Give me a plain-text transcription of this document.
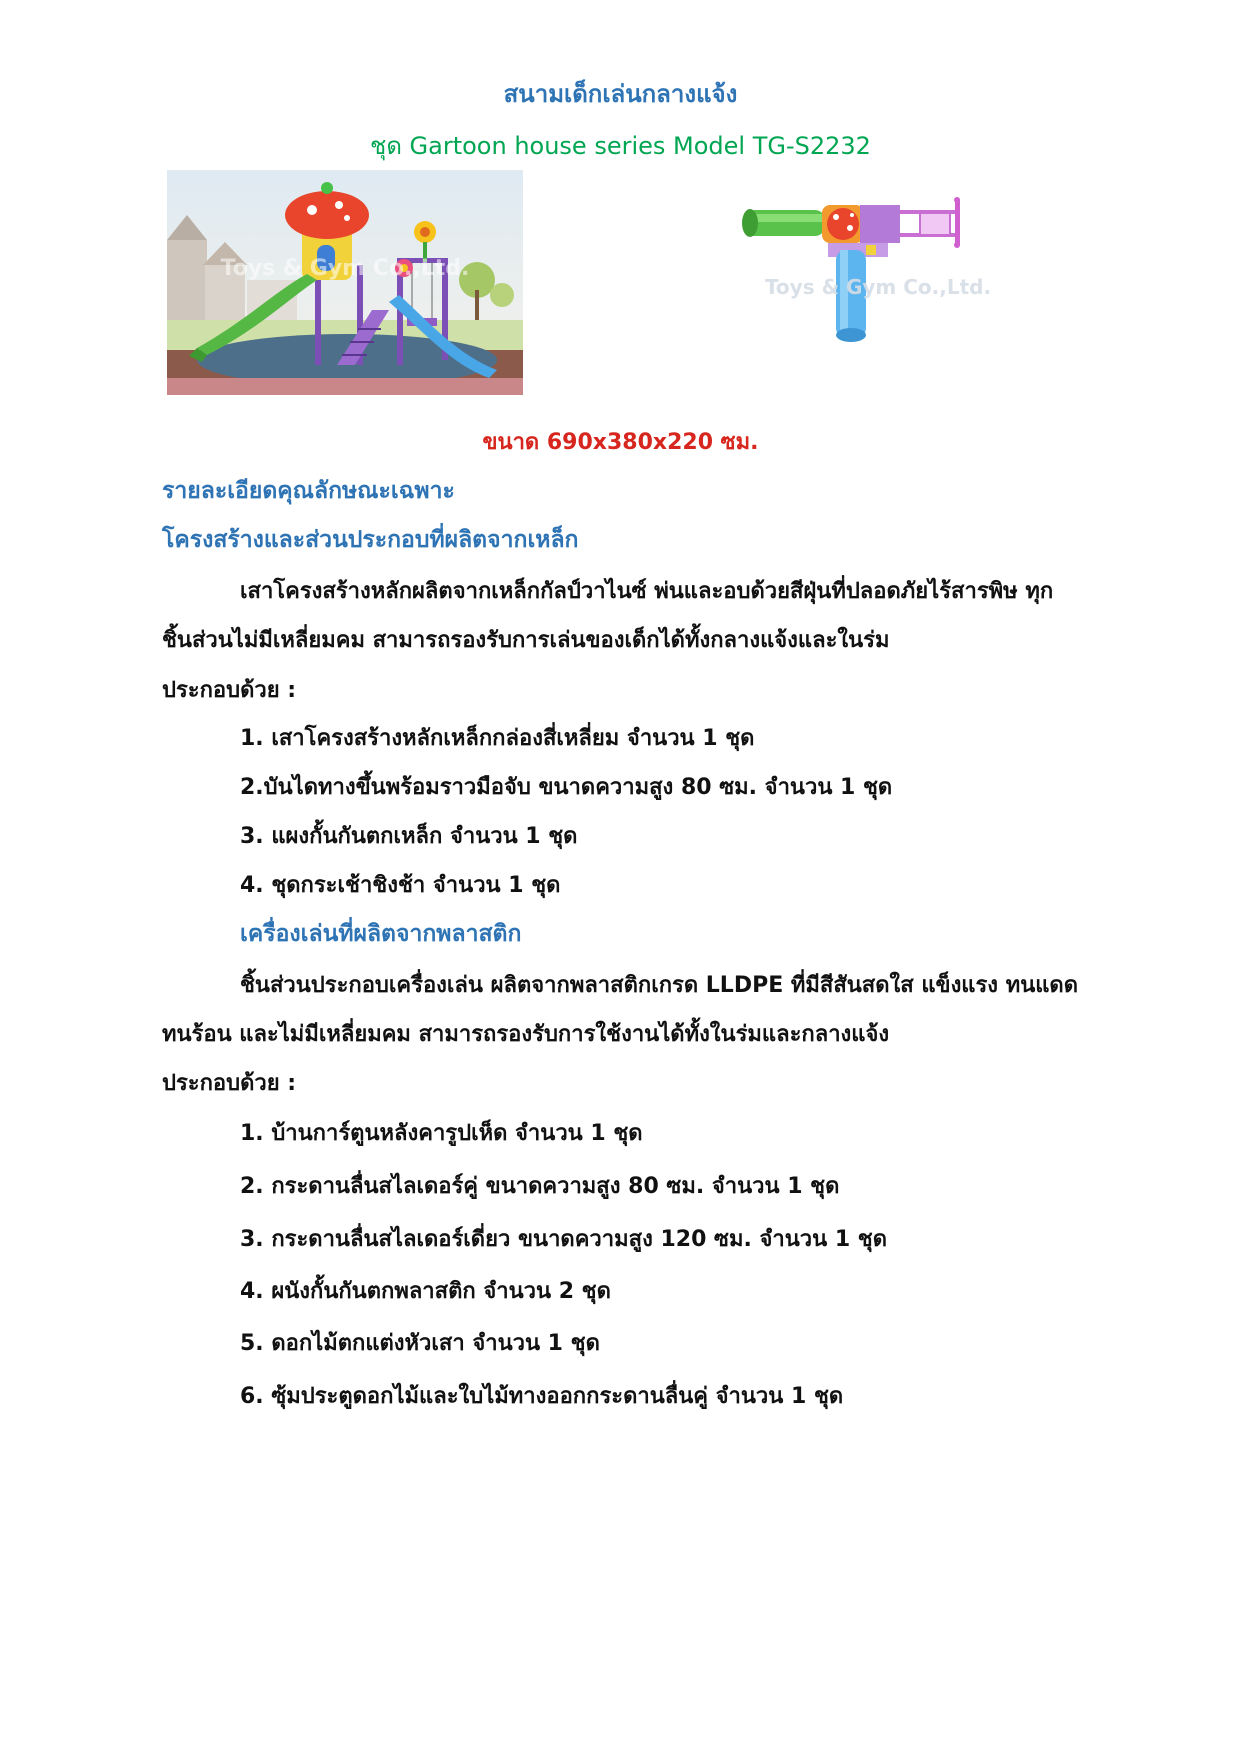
สนามเด็กเล่นกลางแจ้ง
ชุด Gartoon house series Model TG-S2232
Toys & Gym Co.,Ltd.
Toys & Gym Co.,Ltd.
ขนาด 690x380x220 ซม.
รายละเอียดคุณลักษณะเฉพาะ
โครงสร้างและส่วนประกอบที่ผลิตจากเหล็ก
เสาโครงสร้างหลักผลิตจากเหล็กกัลป์วาไนซ์ พ่นและอบด้วยสีฝุ่นที่ปลอดภัยไร้สารพิษ ทุก
ชิ้นส่วนไม่มีเหลี่ยมคม สามารถรองรับการเล่นของเด็กได้ทั้งกลางแจ้งและในร่ม
ประกอบด้วย :
1. เสาโครงสร้างหลักเหล็กกล่องสี่เหลี่ยม จำนวน 1 ชุด
2.บันไดทางขึ้นพร้อมราวมือจับ ขนาดความสูง 80 ซม. จำนวน 1 ชุด
3. แผงกั้นกันตกเหล็ก จำนวน 1 ชุด
4. ชุดกระเช้าชิงช้า จำนวน 1 ชุด
เครื่องเล่นที่ผลิตจากพลาสติก
ชิ้นส่วนประกอบเครื่องเล่น ผลิตจากพลาสติกเกรด LLDPE ที่มีสีสันสดใส แข็งแรง ทนแดด
ทนร้อน และไม่มีเหลี่ยมคม สามารถรองรับการใช้งานได้ทั้งในร่มและกลางแจ้ง
ประกอบด้วย :
1. บ้านการ์ตูนหลังคารูปเห็ด จำนวน 1 ชุด
2. กระดานลื่นสไลเดอร์คู่ ขนาดความสูง 80 ซม. จำนวน 1 ชุด
3. กระดานลื่นสไลเดอร์เดี่ยว ขนาดความสูง 120 ซม. จำนวน 1 ชุด
4. ผนังกั้นกันตกพลาสติก จำนวน 2 ชุด
5. ดอกไม้ตกแต่งหัวเสา จำนวน 1 ชุด
6. ซุ้มประตูดอกไม้และใบไม้ทางออกกระดานลื่นคู่ จำนวน 1 ชุด
